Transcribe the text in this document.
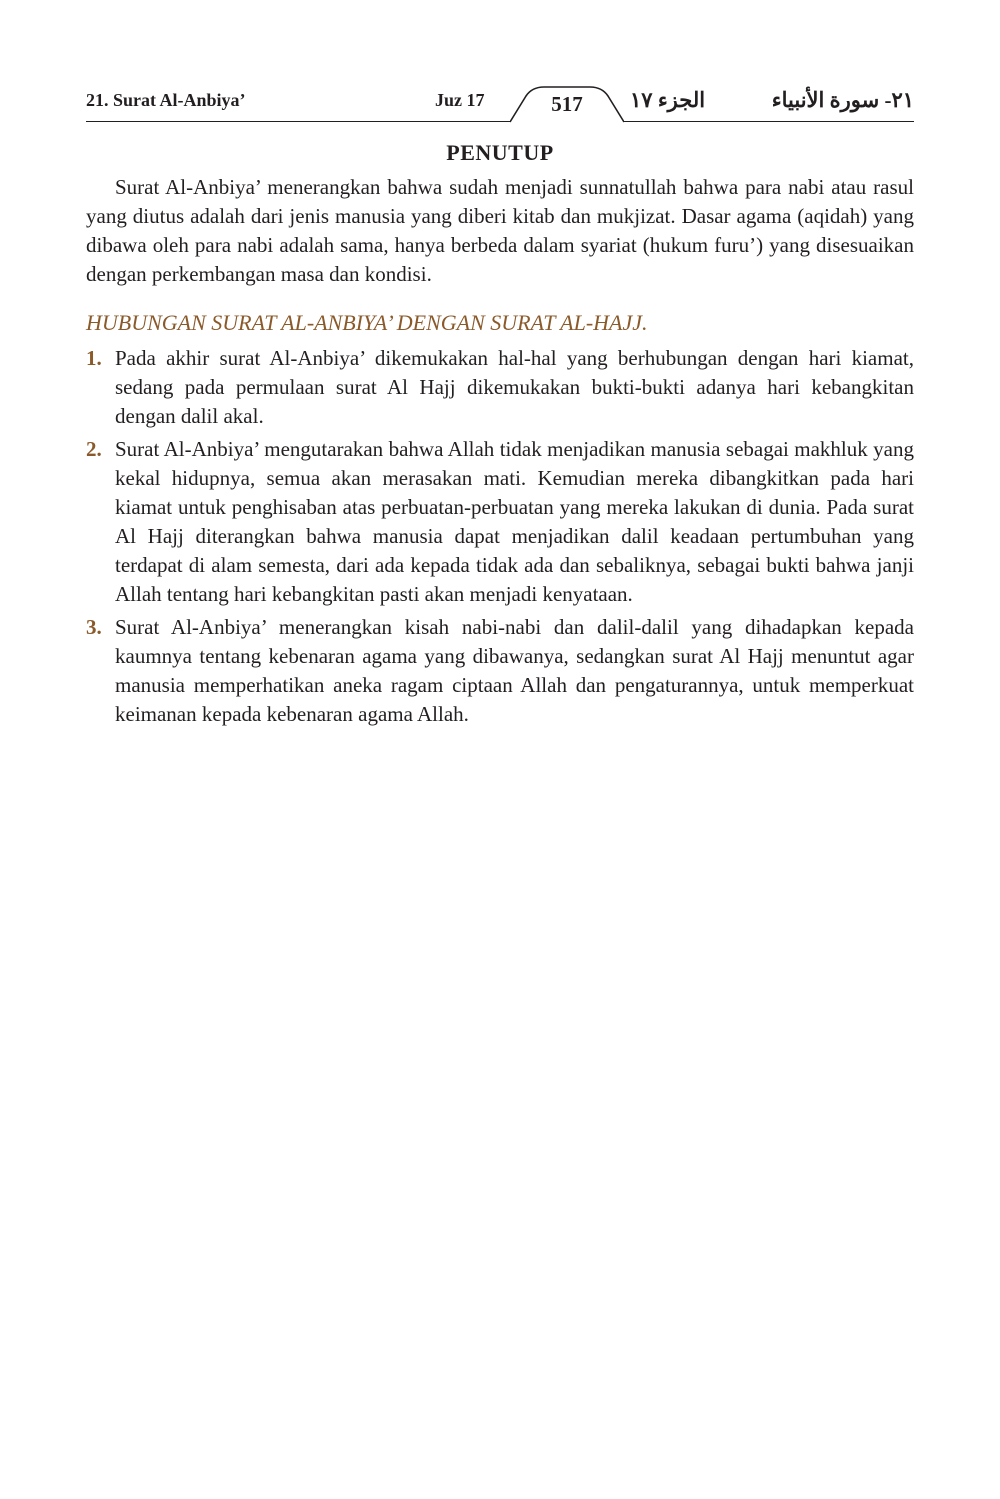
21. Surat Al-Anbiya’	Juz 17	517	الجزء ١٧	٢١- سورة الأنبياء
PENUTUP

Surat Al-Anbiya’ menerangkan bahwa sudah menjadi sunnatullah bahwa para nabi atau rasul yang diutus adalah dari jenis manusia yang diberi kitab dan mukjizat. Dasar agama (aqidah) yang dibawa oleh para nabi adalah sama, hanya berbeda dalam syariat (hukum furu’) yang disesuaikan dengan perkembangan masa dan kondisi.

HUBUNGAN SURAT AL-ANBIYA’ DENGAN SURAT AL-HAJJ.
1. Pada akhir surat Al-Anbiya’ dikemukakan hal-hal yang berhubungan dengan hari kiamat, sedang pada permulaan surat Al Hajj dikemukakan bukti-bukti adanya hari kebangkitan dengan dalil akal.
2. Surat Al-Anbiya’ mengutarakan bahwa Allah tidak menjadikan manusia sebagai makhluk yang kekal hidupnya, semua akan merasakan mati. Kemudian mereka dibangkitkan pada hari kiamat untuk penghisaban atas perbuatan-perbuatan yang mereka lakukan di dunia. Pada surat Al Hajj diterangkan bahwa manusia dapat menjadikan dalil keadaan pertumbuhan yang terdapat di alam semesta, dari ada kepada tidak ada dan sebaliknya, sebagai bukti bahwa janji Allah tentang hari kebangkitan pasti akan menjadi kenyataan.
3. Surat Al-Anbiya’ menerangkan kisah nabi-nabi dan dalil-dalil yang dihadapkan kepada kaumnya tentang kebenaran agama yang dibawanya, sedangkan surat Al Hajj menuntut agar manusia memperhatikan aneka ragam ciptaan Allah dan pengaturannya, untuk memperkuat keimanan kepada kebenaran agama Allah.
